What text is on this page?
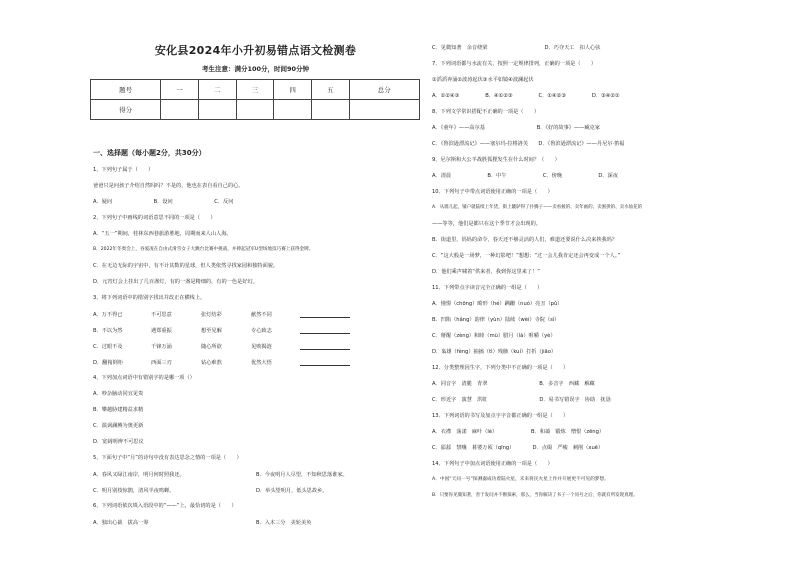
安化县2024年小升初易错点语文检测卷
考生注意：满分100分，时间90分钟
题号	一	二	三	四	五	总分
得分						
一、选择题（每小题2分，共30分）
1、下列句子属于（　　）
爸爸只是问孩子介绍自然吗吗？不是的，他也在表自看自己的心。
A．疑问　　　　　　　　B．设问　　　　　　　　C．反问
2、下列句子中画线的词语意思不同的一项是（　　）
A．“五一”期间，桂林东西巷旅游胜地，周期而来人山人海。
B．2022年冬奥会上，谷爱凌在自由式滑雪女子大跳台比赛中挑战，并捧起冠军U型场地技巧赛上获得金牌。
C．在无边无际的宇宙中，有不计其数的星球，但人类依然寻找家园和独特面貌。
D．元宵灯会上挂出了几百盏灯，有的一盏是精细的，有的一色是好幻。
3、将下列词语中的错别字找出并改正在横线上。
A．万不得已	不可思意	张灯结彩	献然不同
B．不以为然	遇郑重振	想至见解	专心致志
C．过眼不及	千锋万涌	随心所欲	见败揭涟
D．翻箱倒柜	西面三刃	钻心难熬	优然大悟
4、下列加点词语中有错别字的是哪一项（）
A．吵杂脑动同宜见贵
B．攀越胁建精益求精
C．演讽澜膊为奥更新
D．宽阔明辨不可思议
5、下面句子中“月”的诗句中没有表达思念之情的一项是（　　）
A．春风又绿江南岸，明月何时照我还。	B．今夜明月人尽望，不知秋思落谁家。
C．明月别枝惊鹊，清风半夜鸣蝉。	D．举头望明月，低头思故乡。
6、下列词语依次填入语段中的“——”上，最恰切的是（　　）
A．独出心裁　拔高一筹	B．入木三分　美轮美奂
C．见微知著　余音绕梁　　　　　　　　　　　D．巧夺天工　扣人心弦
7、下列词语都与水流有关，按照一定规律排列，正确的一项是（　　）
①滔滔奔涌②波涛起伏③水平如镜④波澜起伏
A．①②④③　　　　　B．④①②③　　　　　C．①④②③　　　　　D．③④②①
8、下列文学常识搭配不正确的一项是（　　）
A．《童年》——高尔基　　　　　　　　　　B．《好的故事》——臧克家
C．《鲁滨逊漂流记》——塞尔玛·拉格洛芙　　D．《鲁滨逊漂流记》——丹尼尔·笛福
9、尼尔斯和大公羊战胜狐狸发生在什么时间？（　　）
A．清晨　　　　　　　B．中午　　　　　　　C．傍晚　　　　　　　D．深夜
10、下列句子中带点词语使用正确的一项是（　　）
A．从墙儿起，铺户就陆续上年货，街上辘轳得了扑腾子——卖看板的、卖年画的、卖蜜供的、卖水仙花的
——等等，他们是都只在这个季节才会出现的。
B．街道里，妈妈的命令，春天还不够灵活的人们，难道还要说什么决来挟我吗？
C．“这大般是一场梦，一种幻影吧！”想想：“过一会儿我肯定还会再变成一个人。”
D．他们乘声啸着“供来者，我到你这里来了！”
11、下列带点字读音完全正确的一组是（　　）
A．憧憬（chōng）畸形（hé）蹒跚（nuó）亮丑（pǔ）
B．凹陷（hǎng）韵律（yùn）陆续（wèi）寺院（sì）
C．掰醒（zèng）和睦（mù）腊月（là）咀嚼（yè）
D．枭雄（fèng）抽搐（tì）残骸（kuí）打折（jiāo）
12、分类整理因生字，下列分类中不正确的一项是（　　）
A．同音字　清脆　青翠　　　　　　　　　　B．多音字　西藏　解藏
C．形近字　演慧　洪虹　　　　　　　　　　D．易书写错误字　协助　抚恳
13、下列词语的书写及加点字字音都正确的一组是（　　）
A．衣襟　荡漾　麻叶（lè）　　　　　　　B．和蔼　锻炼　憎恨（zēng）
C．舔舔　禁嚷　暮婆万顷（qīng）　　　　D．点缀　严峻　刺削（xuē）
14、下列句子中加点词语使用正确的一项是（　　）
A．中国“天问一号”探测器成功着陆火星，未来将民火星上作并开展更不可见的梦想。
B．只要你见微知著，善于发问并不断探索，那么，当你解决了书子一个问号之后，你就有所发现真理。
